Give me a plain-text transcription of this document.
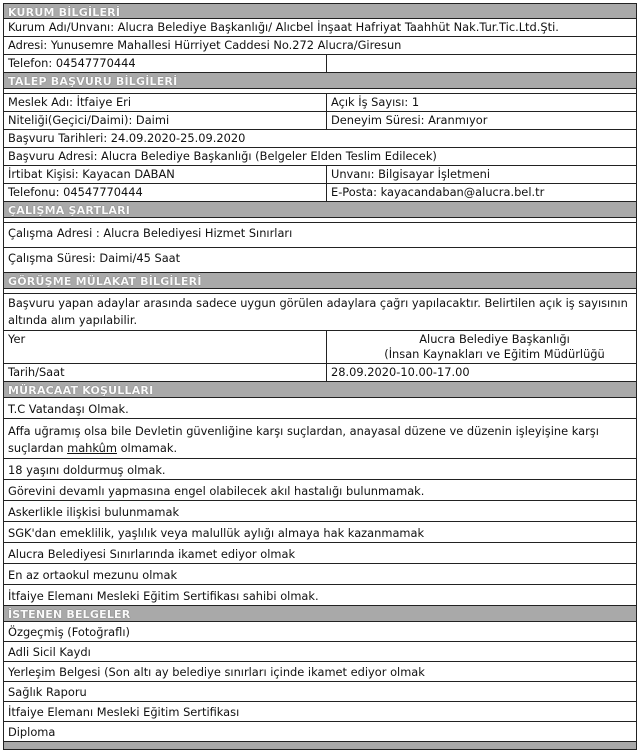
KURUM BİLGİLERİ
Kurum Adı/Unvanı: Alucra Belediye Başkanlığı/ Alıcbel İnşaat Hafriyat Taahhüt Nak.Tur.Tic.Ltd.Şti.
Adresi: Yunusemre Mahallesi Hürriyet Caddesi No.272 Alucra/Giresun
Telefon: 04547770444
TALEP BAŞVURU BİLGİLERİ
Meslek Adı: İtfaiye Eri	Açık İş Sayısı: 1
Niteliği(Geçici/Daimi): Daimi	Deneyim Süresi: Aranmıyor
Başvuru Tarihleri: 24.09.2020-25.09.2020
Başvuru Adresi: Alucra Belediye Başkanlığı (Belgeler Elden Teslim Edilecek)
İrtibat Kişisi: Kayacan DABAN	Unvanı: Bilgisayar İşletmeni
Telefonu: 04547770444	E-Posta: kayacandaban@alucra.bel.tr
ÇALIŞMA ŞARTLARI
Çalışma Adresi : Alucra Belediyesi Hizmet Sınırları
Çalışma Süresi: Daimi/45 Saat
GÖRÜŞME MÜLAKAT BİLGİLERİ
Başvuru yapan adaylar arasında sadece uygun görülen adaylara çağrı yapılacaktır. Belirtilen açık iş sayısının altında alım yapılabilir.
Yer	Alucra Belediye Başkanlığı
(İnsan Kaynakları ve Eğitim Müdürlüğü
Tarih/Saat	28.09.2020-10.00-17.00
MÜRACAAT KOŞULLARI
T.C Vatandaşı Olmak.
Affa uğramış olsa bile Devletin güvenliğine karşı suçlardan, anayasal düzene ve düzenin işleyişine karşı suçlardan mahkûm olmamak.
18 yaşını doldurmuş olmak.
Görevini devamlı yapmasına engel olabilecek akıl hastalığı bulunmamak.
Askerlikle ilişkisi bulunmamak
SGK'dan emeklilik, yaşlılık veya malullük aylığı almaya hak kazanmamak
Alucra Belediyesi Sınırlarında ikamet ediyor olmak
En az ortaokul mezunu olmak
İtfaiye Elemanı Mesleki Eğitim Sertifikası sahibi olmak.
İSTENEN BELGELER
Özgeçmiş (Fotoğraflı)
Adli Sicil Kaydı
Yerleşim Belgesi (Son altı ay belediye sınırları içinde ikamet ediyor olmak
Sağlık Raporu
İtfaiye Elemanı Mesleki Eğitim Sertifikası
Diploma
